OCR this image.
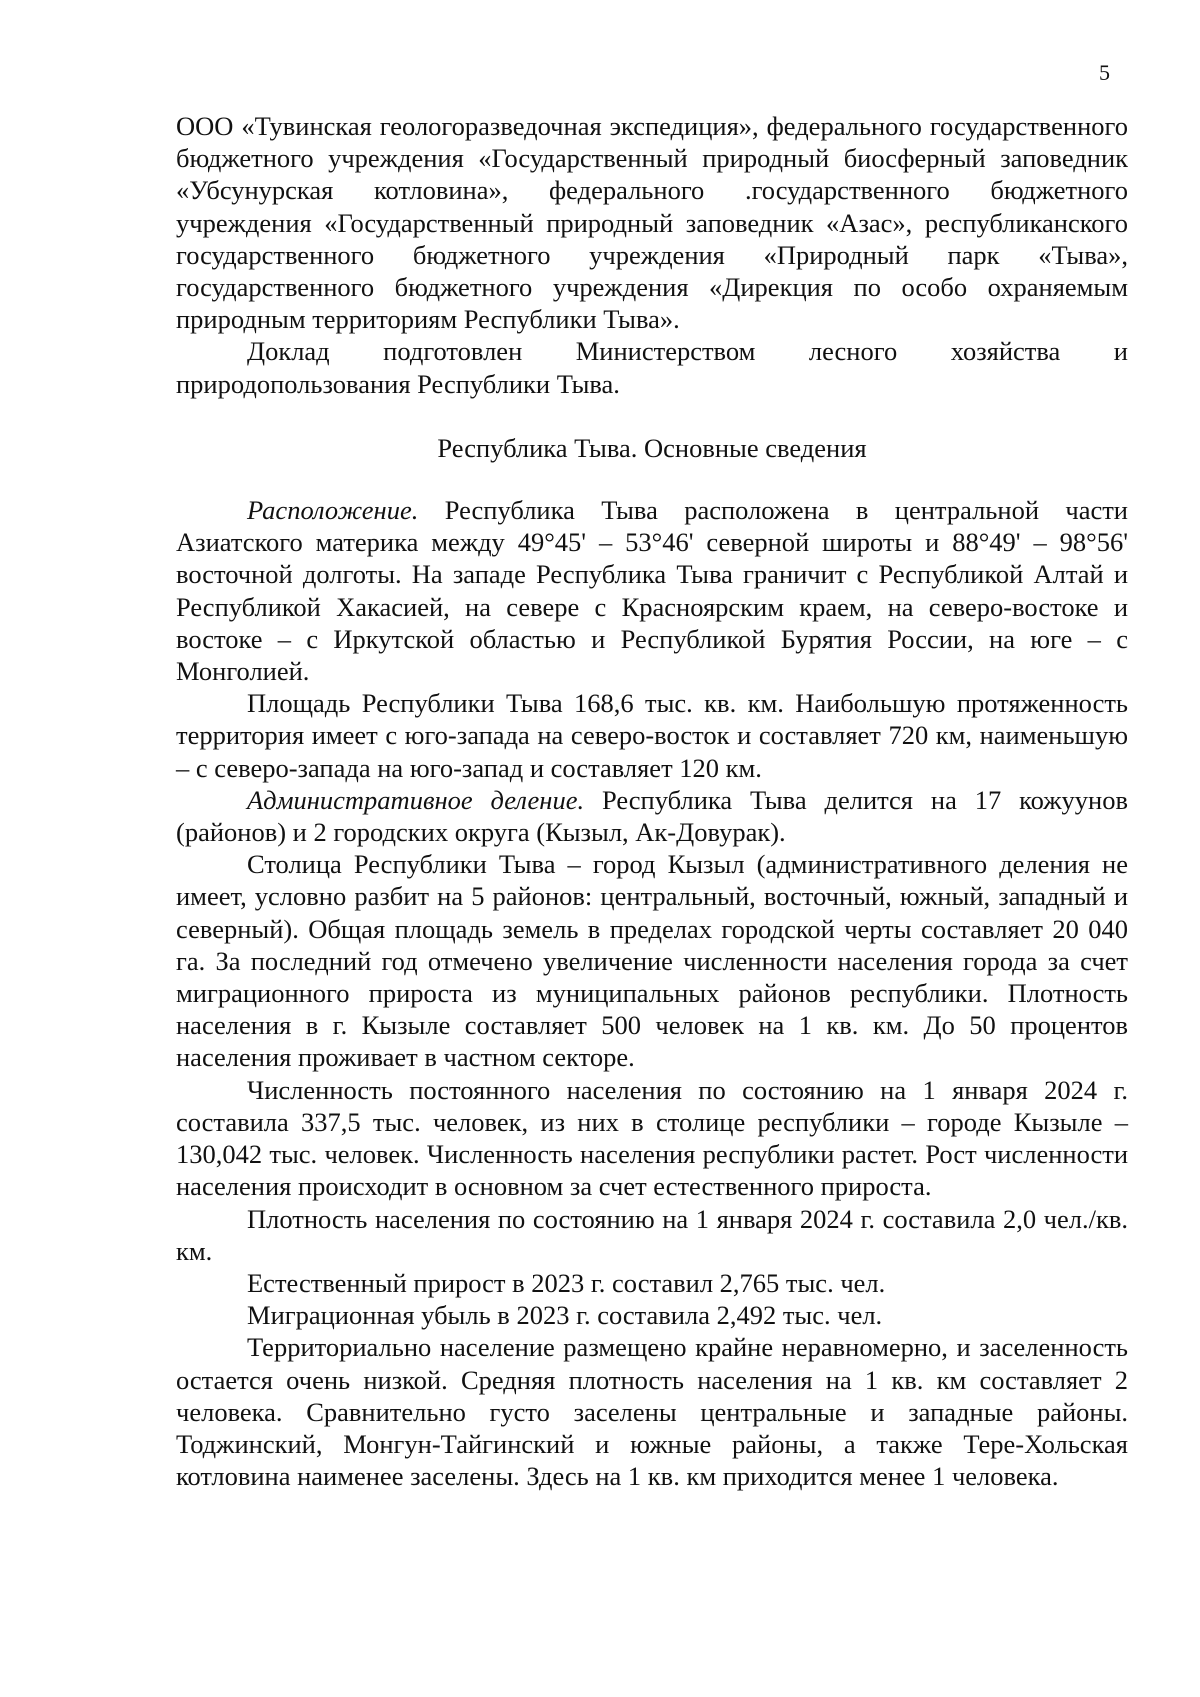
5

ООО «Тувинская геологоразведочная экспедиция», федерального государственного бюджетного учреждения «Государственный природный биосферный заповедник «Убсунурская котловина», федерального .государственного бюджетного учреждения «Государственный природный заповедник «Азас», республиканского государственного бюджетного учреждения «Природный парк «Тыва», государственного бюджетного учреждения «Дирекция по особо охраняемым природным территориям Республики Тыва».

Доклад подготовлен Министерством лесного хозяйства и природопользования Республики Тыва.

Республика Тыва. Основные сведения

Расположение. Республика Тыва расположена в центральной части Азиатского материка между 49°45' – 53°46' северной широты и 88°49' – 98°56' восточной долготы. На западе Республика Тыва граничит с Республикой Алтай и Республикой Хакасией, на севере с Красноярским краем, на северо-востоке и востоке – с Иркутской областью и Республикой Бурятия России, на юге – с Монголией.

Площадь Республики Тыва 168,6 тыс. кв. км. Наибольшую протяженность территория имеет с юго-запада на северо-восток и составляет 720 км, наименьшую – с северо-запада на юго-запад и составляет 120 км.

Административное деление. Республика Тыва делится на 17 кожуунов (районов) и 2 городских округа (Кызыл, Ак-Довурак).

Столица Республики Тыва – город Кызыл (административного деления не имеет, условно разбит на 5 районов: центральный, восточный, южный, западный и северный). Общая площадь земель в пределах городской черты составляет 20 040 га. За последний год отмечено увеличение численности населения города за счет миграционного прироста из муниципальных районов республики. Плотность населения в г. Кызыле составляет 500 человек на 1 кв. км. До 50 процентов населения проживает в частном секторе.

Численность постоянного населения по состоянию на 1 января 2024 г. составила 337,5 тыс. человек, из них в столице республики – городе Кызыле – 130,042 тыс. человек. Численность населения республики растет. Рост численности населения происходит в основном за счет естественного прироста.

Плотность населения по состоянию на 1 января 2024 г. составила 2,0 чел./кв. км.

Естественный прирост в 2023 г. составил 2,765 тыс. чел.

Миграционная убыль в 2023 г. составила 2,492 тыс. чел.

Территориально население размещено крайне неравномерно, и заселенность остается очень низкой. Средняя плотность населения на 1 кв. км составляет 2 человека. Сравнительно густо заселены центральные и западные районы. Тоджинский, Монгун-Тайгинский и южные районы, а также Тере-Хольская котловина наименее заселены. Здесь на 1 кв. км приходится менее 1 человека.
